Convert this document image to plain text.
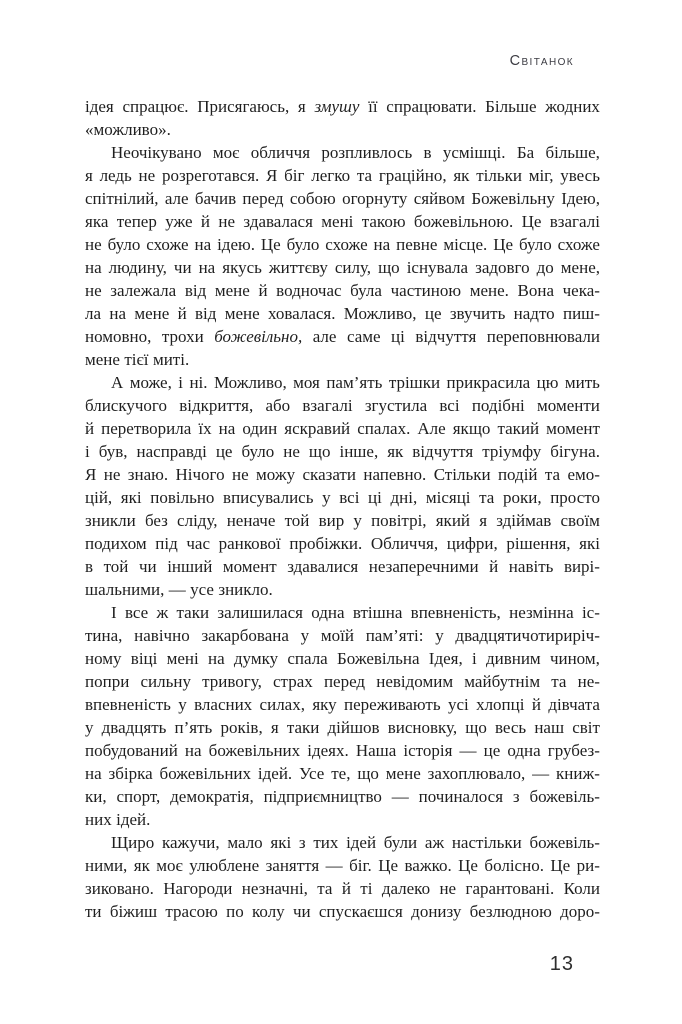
Світанок
ідея спрацює. Присягаюсь, я змушу її спрацювати. Більше жодних
«можливо».
Неочікувано моє обличчя розпливлось в усмішці. Ба більше,
я ледь не розреготався. Я біг легко та граційно, як тільки міг, увесь
спітнілий, але бачив перед собою огорнуту сяйвом Божевільну Ідею,
яка тепер уже й не здавалася мені такою божевільною. Це взагалі
не було схоже на ідею. Це було схоже на певне місце. Це було схоже
на людину, чи на якусь життєву силу, що існувала задовго до мене,
не залежала від мене й водночас була частиною мене. Вона чека-
ла на мене й від мене ховалася. Можливо, це звучить надто пиш-
номовно, трохи божевільно, але саме ці відчуття переповнювали
мене тієї миті.
А може, і ні. Можливо, моя пам’ять трішки прикрасила цю мить
блискучого відкриття, або взагалі згустила всі подібні моменти
й перетворила їх на один яскравий спалах. Але якщо такий момент
і був, насправді це було не що інше, як відчуття тріумфу бігуна.
Я не знаю. Нічого не можу сказати напевно. Стільки подій та емо-
цій, які повільно вписувались у всі ці дні, місяці та роки, просто
зникли без сліду, неначе той вир у повітрі, який я здіймав своїм
подихом під час ранкової пробіжки. Обличчя, цифри, рішення, які
в той чи інший момент здавалися незаперечними й навіть вирі-
шальними, — усе зникло.
І все ж таки залишилася одна втішна впевненість, незмінна іс-
тина, навічно закарбована у моїй пам’яті: у двадцятичотириріч-
ному віці мені на думку спала Божевільна Ідея, і дивним чином,
попри сильну тривогу, страх перед невідомим майбутнім та не-
впевненість у власних силах, яку переживають усі хлопці й дівчата
у двадцять п’ять років, я таки дійшов висновку, що весь наш світ
побудований на божевільних ідеях. Наша історія — це одна грубез-
на збірка божевільних ідей. Усе те, що мене захоплювало, — книж-
ки, спорт, демократія, підприємництво — починалося з божевіль-
них ідей.
Щиро кажучи, мало які з тих ідей були аж настільки божевіль-
ними, як моє улюблене заняття — біг. Це важко. Це болісно. Це ри-
зиковано. Нагороди незначні, та й ті далеко не гарантовані. Коли
ти біжиш трасою по колу чи спускаєшся донизу безлюдною доро-
13
